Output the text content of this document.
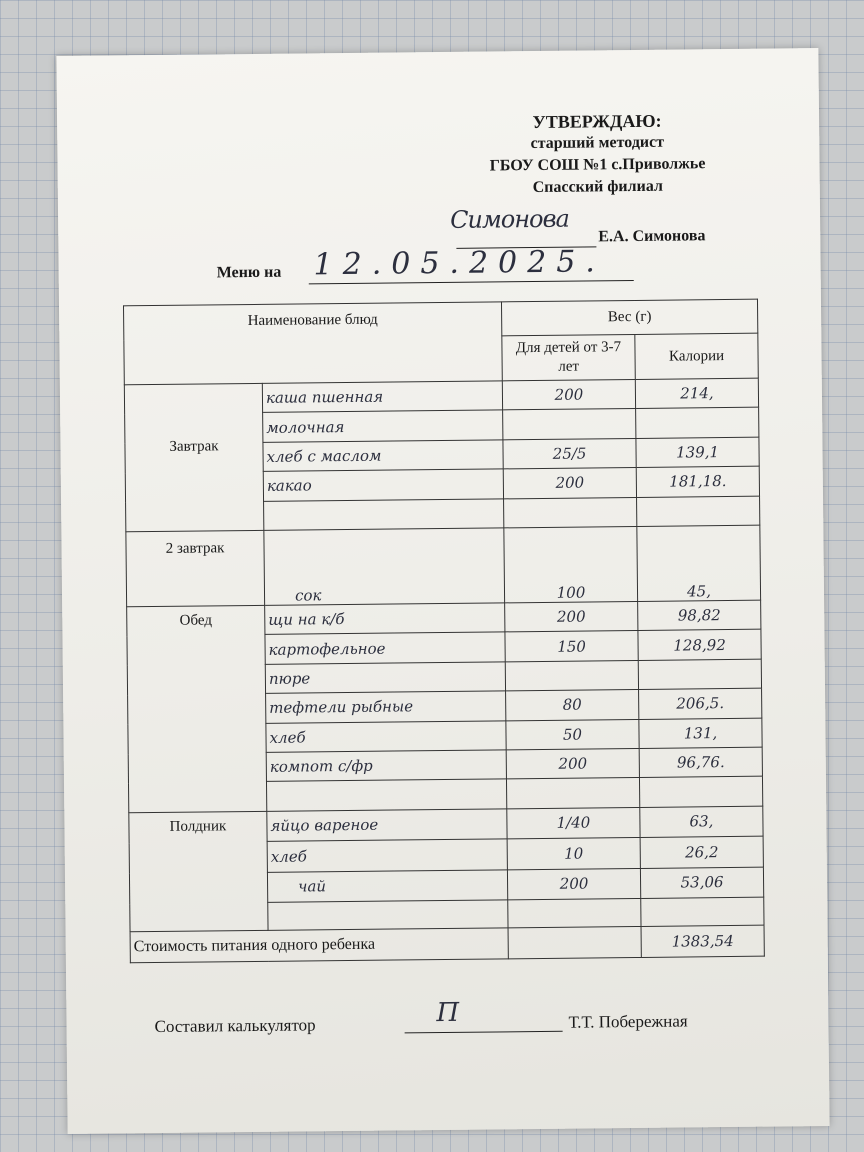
УТВЕРЖДАЮ:
старший методист
ГБОУ СОШ №1 с.Приволжье
Спасский филиал
Симонова
Е.А. Симонова
Меню на 12.05.2025.
Наименование блюд		Вес (г)	
		Для детей от 3-7 лет	Калории
Завтрак	каша пшенная	200	214,
	молочная		
	хлеб с маслом	25/5	139,1
	какао	200	181,18.

2 завтрак	сок	100	45,
Обед	щи на к/б	200	98,82
	картофельное	150	128,92
	пюре		
	тефтели рыбные	80	206,5.
	хлеб	50	131,
	компот с/фр	200	96,76.

Полдник	яйцо вареное	1/40	63,
	хлеб	10	26,2
	чай	200	53,06

Стоимость питания одного ребенка			1383,54
Составил калькулятор	П	Т.Т. Побережная
